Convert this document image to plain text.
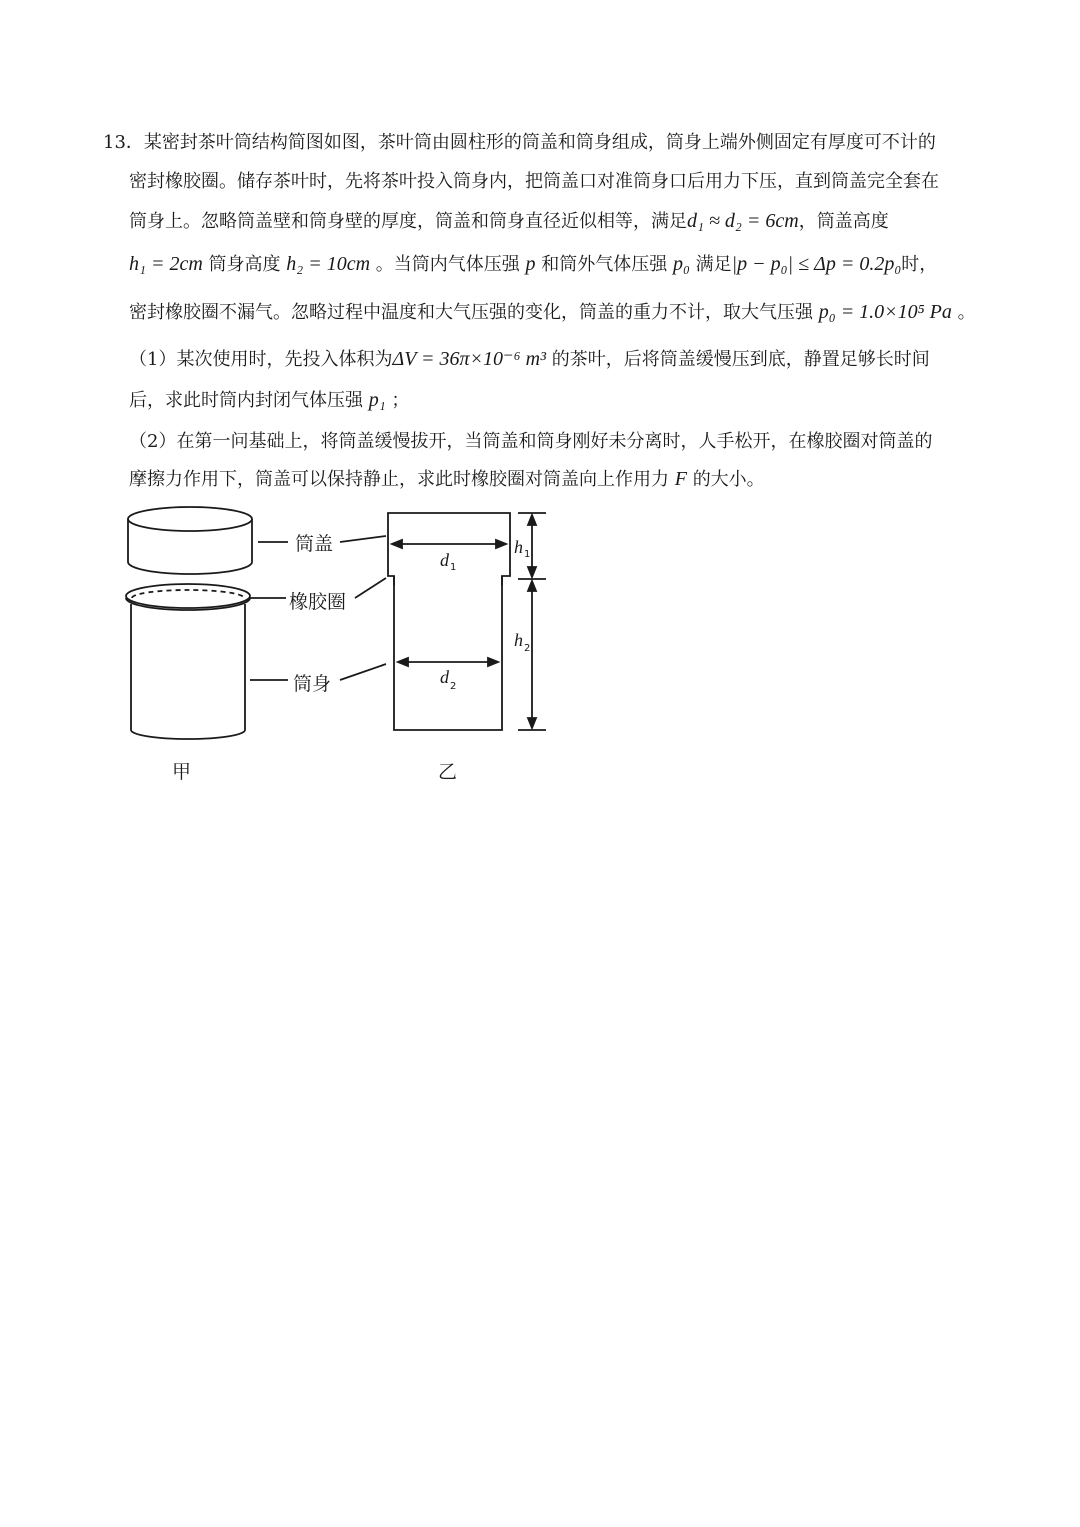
13．某密封茶叶筒结构简图如图，茶叶筒由圆柱形的筒盖和筒身组成，筒身上端外侧固定有厚度可不计的
密封橡胶圈。储存茶叶时，先将茶叶投入筒身内，把筒盖口对准筒身口后用力下压，直到筒盖完全套在
筒身上。忽略筒盖壁和筒身壁的厚度，筒盖和筒身直径近似相等，满足d₁ ≈ d₂ = 6cm，筒盖高度
h₁ = 2cm 筒身高度 h₂ = 10cm 。当筒内气体压强 p 和筒外气体压强 p₀ 满足|p − p₀| ≤ Δp = 0.2p₀时，
密封橡胶圈不漏气。忽略过程中温度和大气压强的变化，筒盖的重力不计，取大气压强 p₀ = 1.0×10⁵ Pa 。
（1）某次使用时，先投入体积为ΔV = 36π×10⁻⁶ m³ 的茶叶，后将筒盖缓慢压到底，静置足够长时间
后，求此时筒内封闭气体压强 p₁ ；
（2）在第一问基础上，将筒盖缓慢拔开，当筒盖和筒身刚好未分离时，人手松开，在橡胶圈对筒盖的
摩擦力作用下，筒盖可以保持静止，求此时橡胶圈对筒盖向上作用力 F 的大小。
筒盖
橡胶圈
筒身
甲	乙
d 1
d 2
h 1
h 2
